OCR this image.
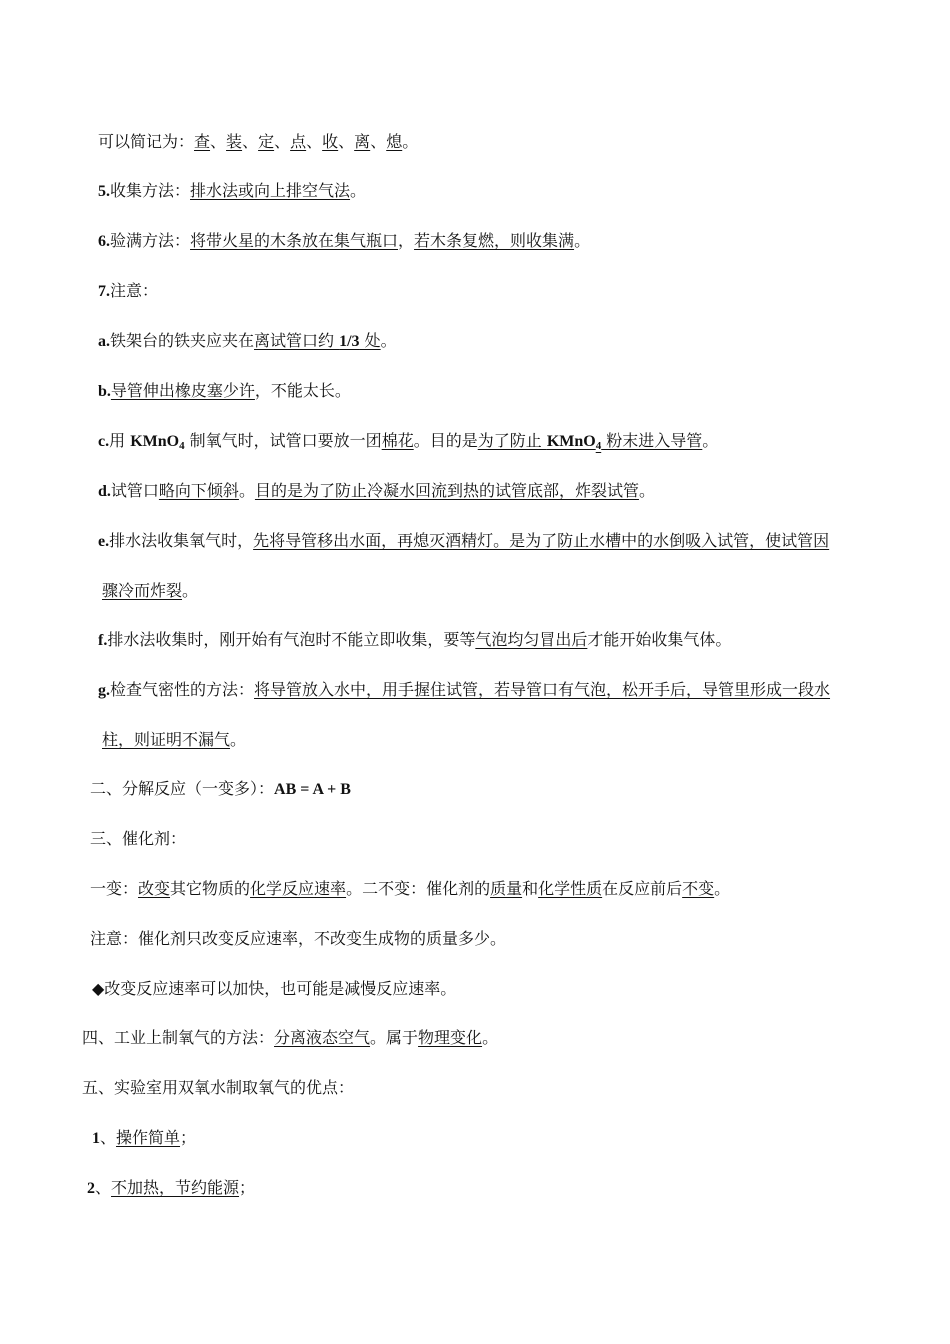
可以简记为：查、装、定、点、收、离、熄。
5.收集方法：排水法或向上排空气法。
6.验满方法：将带火星的木条放在集气瓶口，若木条复燃，则收集满。
7.注意：
a.铁架台的铁夹应夹在离试管口约 1/3 处。
b.导管伸出橡皮塞少许，不能太长。
c.用 KMnO$_4$ 制氧气时，试管口要放一团棉花。目的是为了防止 KMnO$_4$ 粉末进入导管。
d.试管口略向下倾斜。目的是为了防止冷凝水回流到热的试管底部，炸裂试管。
e.排水法收集氧气时，先将导管移出水面，再熄灭酒精灯。是为了防止水槽中的水倒吸入试管，使试管因
骤冷而炸裂。
f.排水法收集时，刚开始有气泡时不能立即收集，要等气泡均匀冒出后才能开始收集气体。
g.检查气密性的方法：将导管放入水中，用手握住试管，若导管口有气泡，松开手后，导管里形成一段水
柱，则证明不漏气。
二、分解反应（一变多）：AB = A + B
三、催化剂：
一变：改变其它物质的化学反应速率。二不变：催化剂的质量和化学性质在反应前后不变。
注意：催化剂只改变反应速率，不改变生成物的质量多少。
◆改变反应速率可以加快，也可能是减慢反应速率。
四、工业上制氧气的方法：分离液态空气。属于物理变化。
五、实验室用双氧水制取氧气的优点：
1、操作简单；
2、不加热，节约能源；
